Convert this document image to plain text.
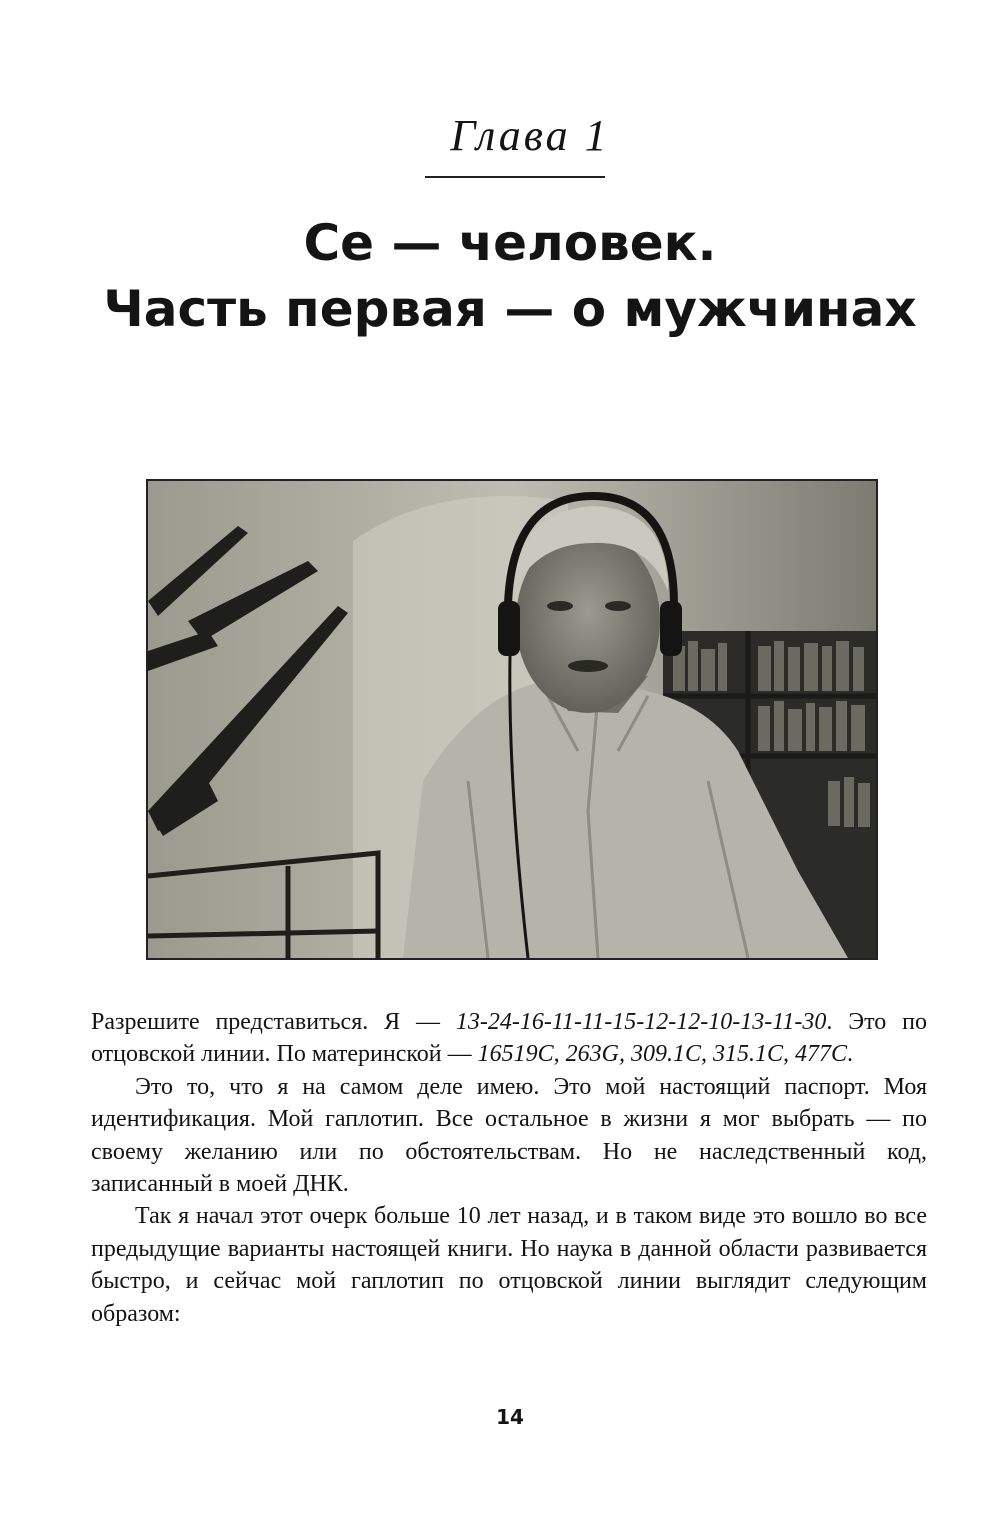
Глава 1
Се — человек.
Часть первая — о мужчинах

Разрешите представиться. Я — 13-24-16-11-11-15-12-12-10-13-11-30. Это по отцовской линии. По материнской — 16519C, 263G, 309.1C, 315.1C, 477C.

Это то, что я на самом деле имею. Это мой настоящий паспорт. Моя идентификация. Мой гаплотип. Все остальное в жизни я мог выбрать — по своему желанию или по обстоятельствам. Но не наследственный код, записанный в моей ДНК.

Так я начал этот очерк больше 10 лет назад, и в таком виде это вошло во все предыдущие варианты настоящей книги. Но наука в данной области развивается быстро, и сейчас мой гаплотип по отцовской линии выглядит следующим образом:

14
